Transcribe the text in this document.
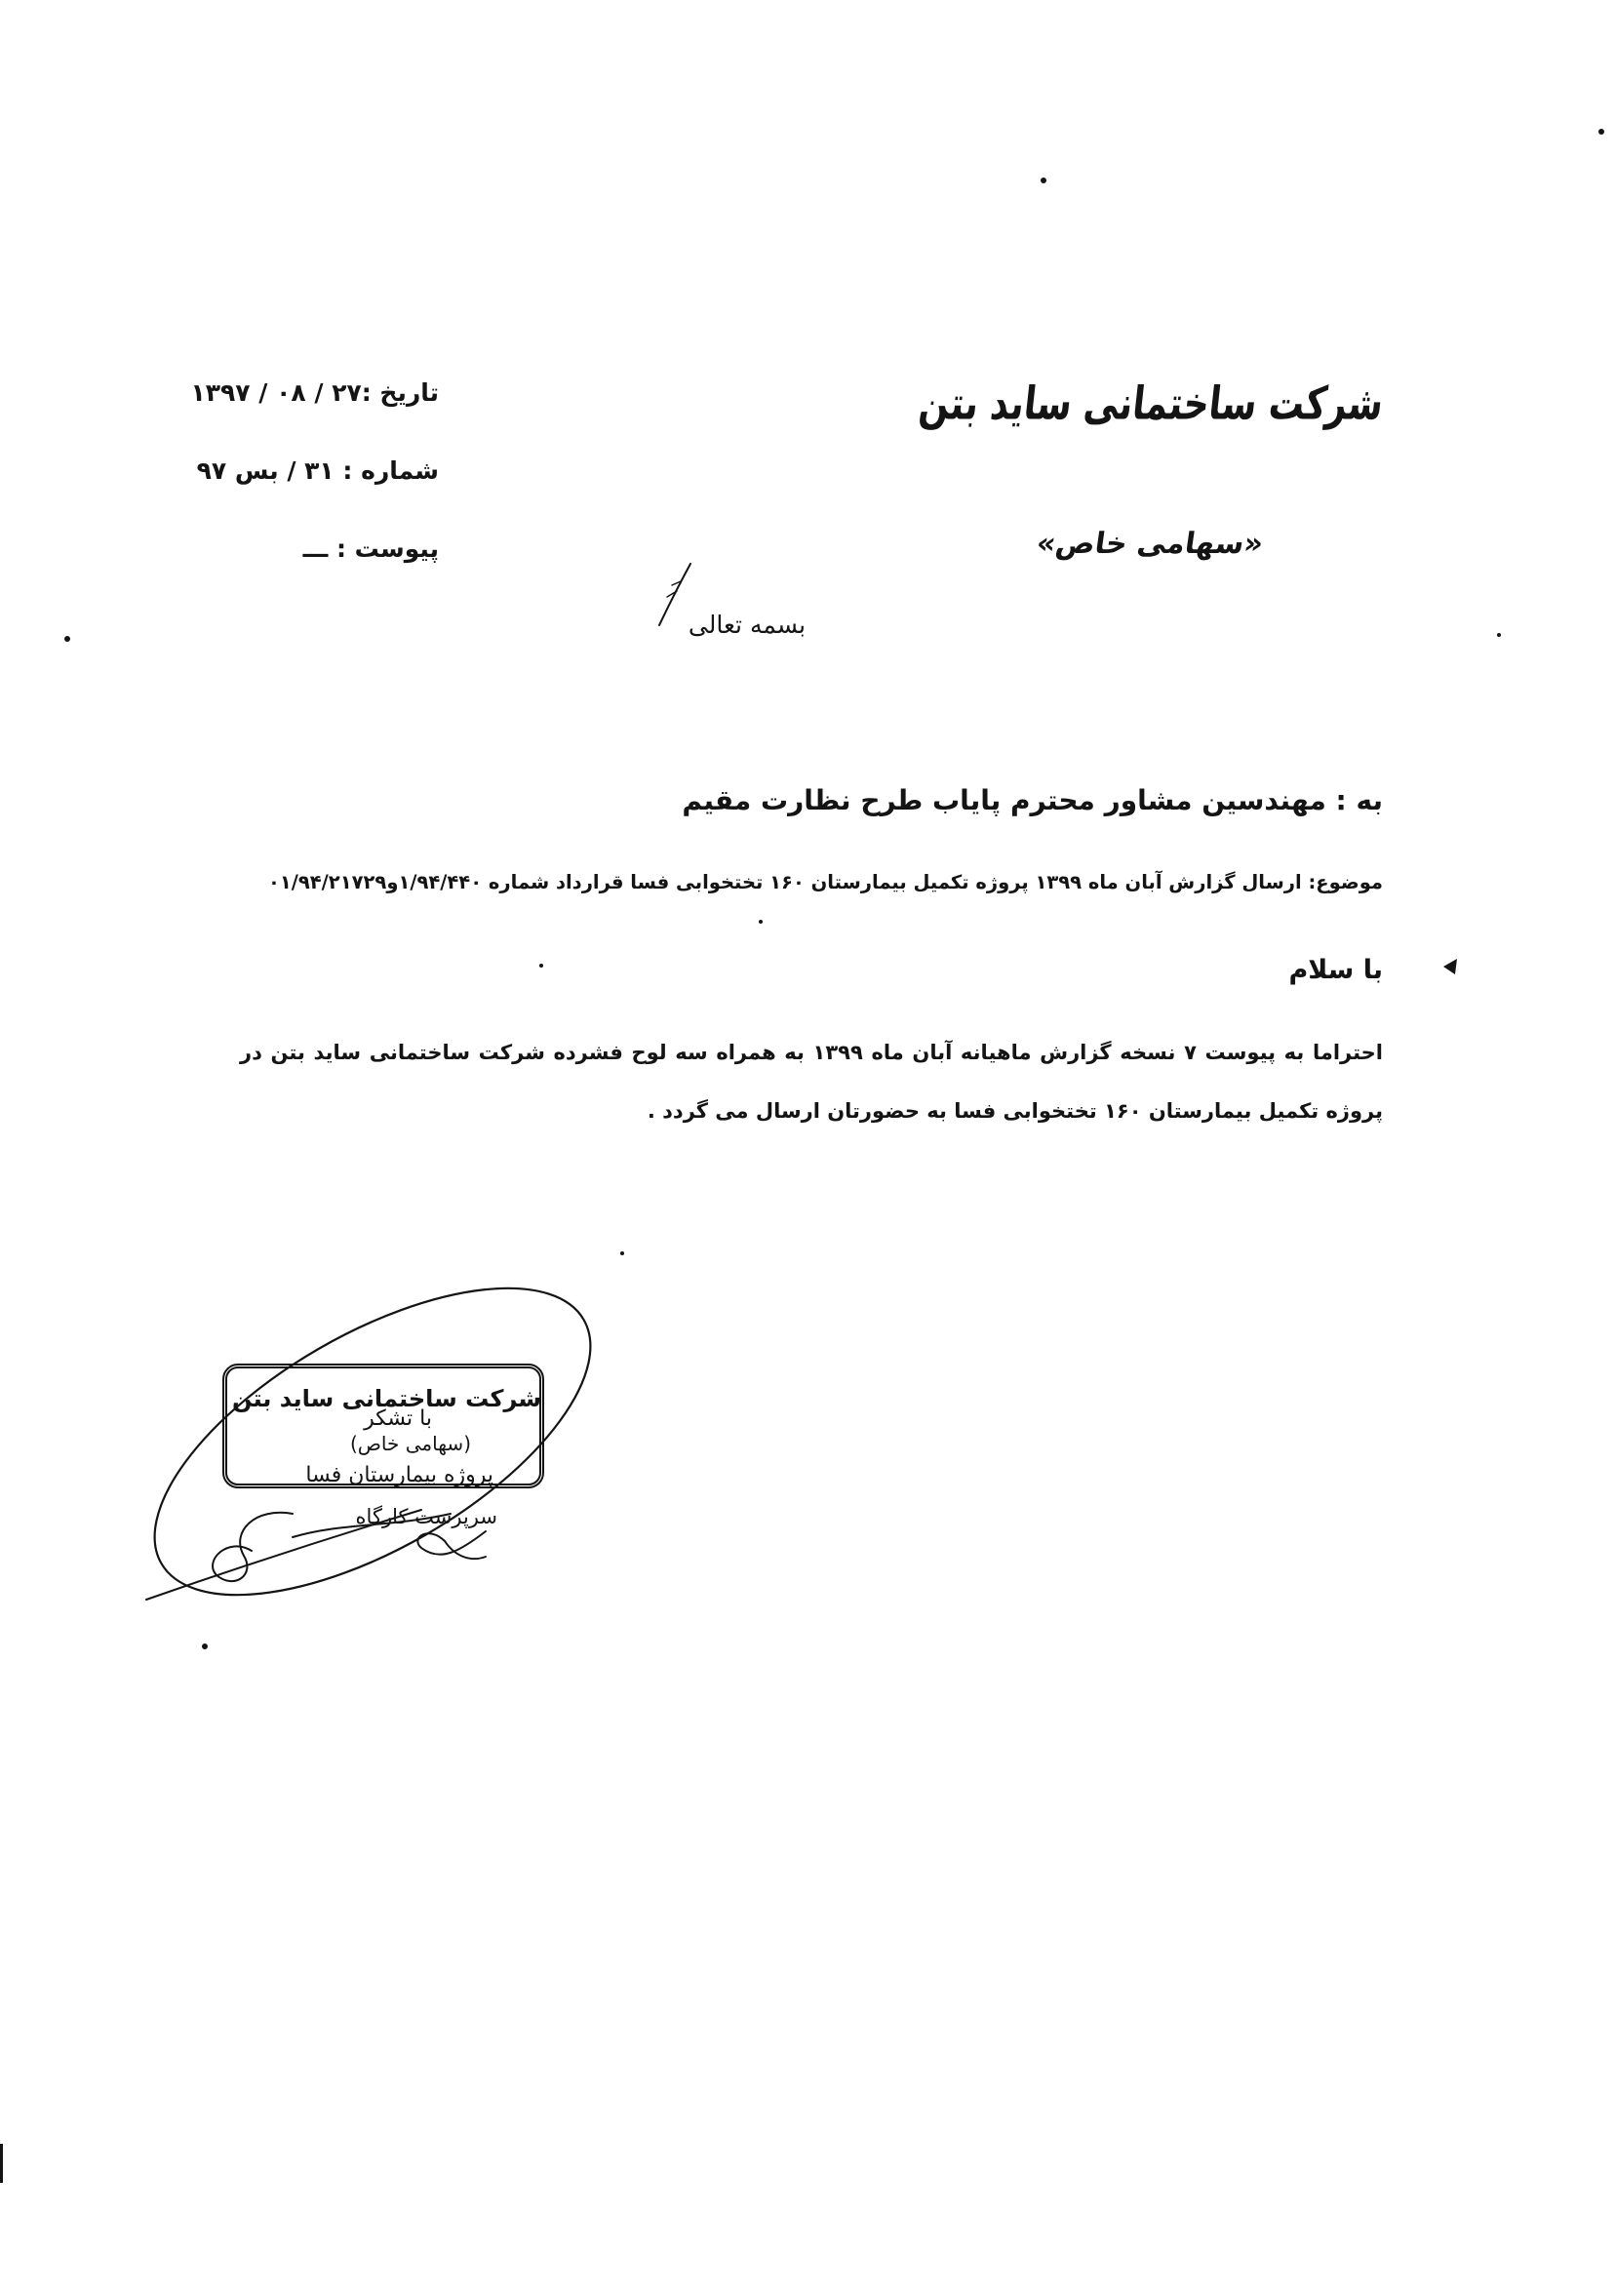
شرکت ساختمانی ساید بتن
«سهامی خاص»
تاریخ :۲۷ / ۰۸ / ۱۳۹۷
شماره : ۳۱ / بس ۹۷
پیوست : ـــ
بسمه تعالی
به : مهندسین مشاور محترم پایاب طرح نظارت مقیم
موضوع: ارسال گزارش آبان ماه ۱۳۹۹ پروژه تکمیل بیمارستان ۱۶۰ تختخوابی فسا قرارداد شماره ۱/۹۴/۴۴۰و۰۱/۹۴/۲۱۷۲۹
با سلام
احتراما به پیوست ۷ نسخه گزارش ماهیانه آبان ماه ۱۳۹۹ به همراه سه لوح فشرده شرکت ساختمانی ساید بتن در
پروژه تکمیل بیمارستان ۱۶۰ تختخوابی فسا به حضورتان ارسال می گردد .
شرکت ساختمانی ساید بتن
(سهامی خاص)
پروژه بیمارستان فسا
سرپرست کارگاه
با تشکر
